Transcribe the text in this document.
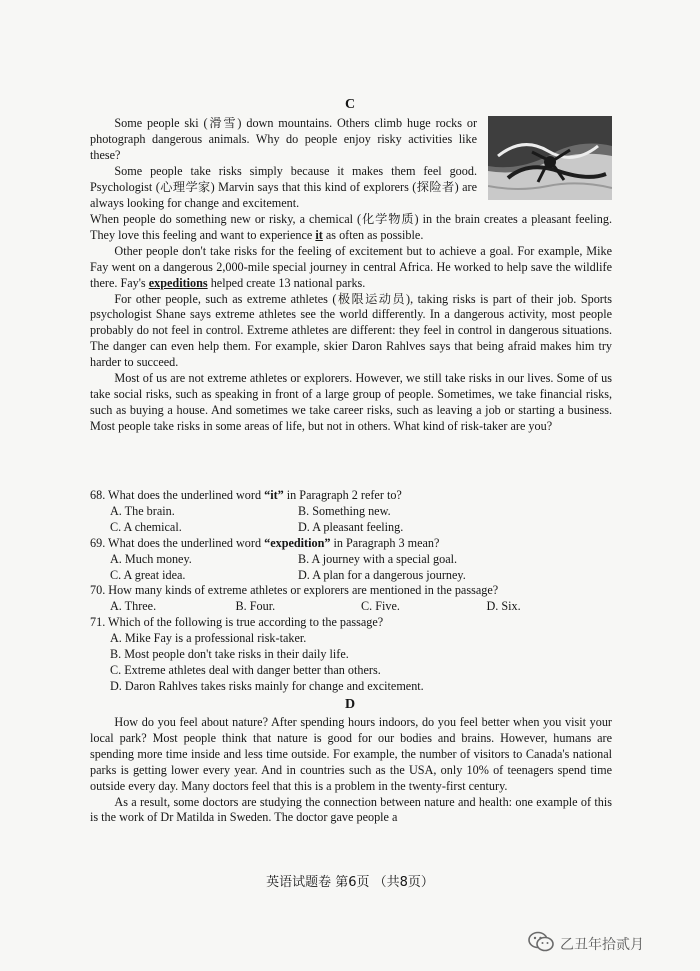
C

Some people ski (滑雪) down mountains. Others climb huge rocks or photograph dangerous animals. Why do people enjoy risky activities like these?

Some people take risks simply because it makes them feel good. Psychologist (心理学家) Marvin says that this kind of explorers (探险者) are always looking for change and excitement.

When people do something new or risky, a chemical (化学物质) in the brain creates a pleasant feeling. They love this feeling and want to experience it as often as possible.

Other people don't take risks for the feeling of excitement but to achieve a goal. For example, Mike Fay went on a dangerous 2,000-mile special journey in central Africa. He worked to help save the wildlife there. Fay's expeditions helped create 13 national parks.

For other people, such as extreme athletes (极限运动员), taking risks is part of their job. Sports psychologist Shane says extreme athletes see the world differently. In a dangerous activity, most people probably do not feel in control. Extreme athletes are different: they feel in control in dangerous situations. The danger can even help them. For example, skier Daron Rahlves says that being afraid makes him try harder to succeed.

Most of us are not extreme athletes or explorers. However, we still take risks in our lives. Some of us take social risks, such as speaking in front of a large group of people. Sometimes, we take financial risks, such as buying a house. And sometimes we take career risks, such as leaving a job or starting a business. Most people take risks in some areas of life, but not in others. What kind of risk-taker are you?

68. What does the underlined word “it” in Paragraph 2 refer to?

A. The brain.	B. Something new.
C. A chemical.	D. A pleasant feeling.

69. What does the underlined word “expedition” in Paragraph 3 mean?

A. Much money.	B. A journey with a special goal.
C. A great idea.	D. A plan for a dangerous journey.

70. How many kinds of extreme athletes or explorers are mentioned in the passage?

A. Three.	B. Four.	C. Five.	D. Six.

71. Which of the following is true according to the passage?

A. Mike Fay is a professional risk-taker.
B. Most people don't take risks in their daily life.
C. Extreme athletes deal with danger better than others.
D. Daron Rahlves takes risks mainly for change and excitement.
D

How do you feel about nature? After spending hours indoors, do you feel better when you visit your local park? Most people think that nature is good for our bodies and brains. However, humans are spending more time inside and less time outside. For example, the number of visitors to Canada's national parks is getting lower every year. And in countries such as the USA, only 10% of teenagers spend time outside every day. Many doctors feel that this is a problem in the twenty-first century.

As a result, some doctors are studying the connection between nature and health: one example of this is the work of Dr Matilda in Sweden. The doctor gave people a

英语试题卷 第6页 （共8页）
乙丑年拾贰月
